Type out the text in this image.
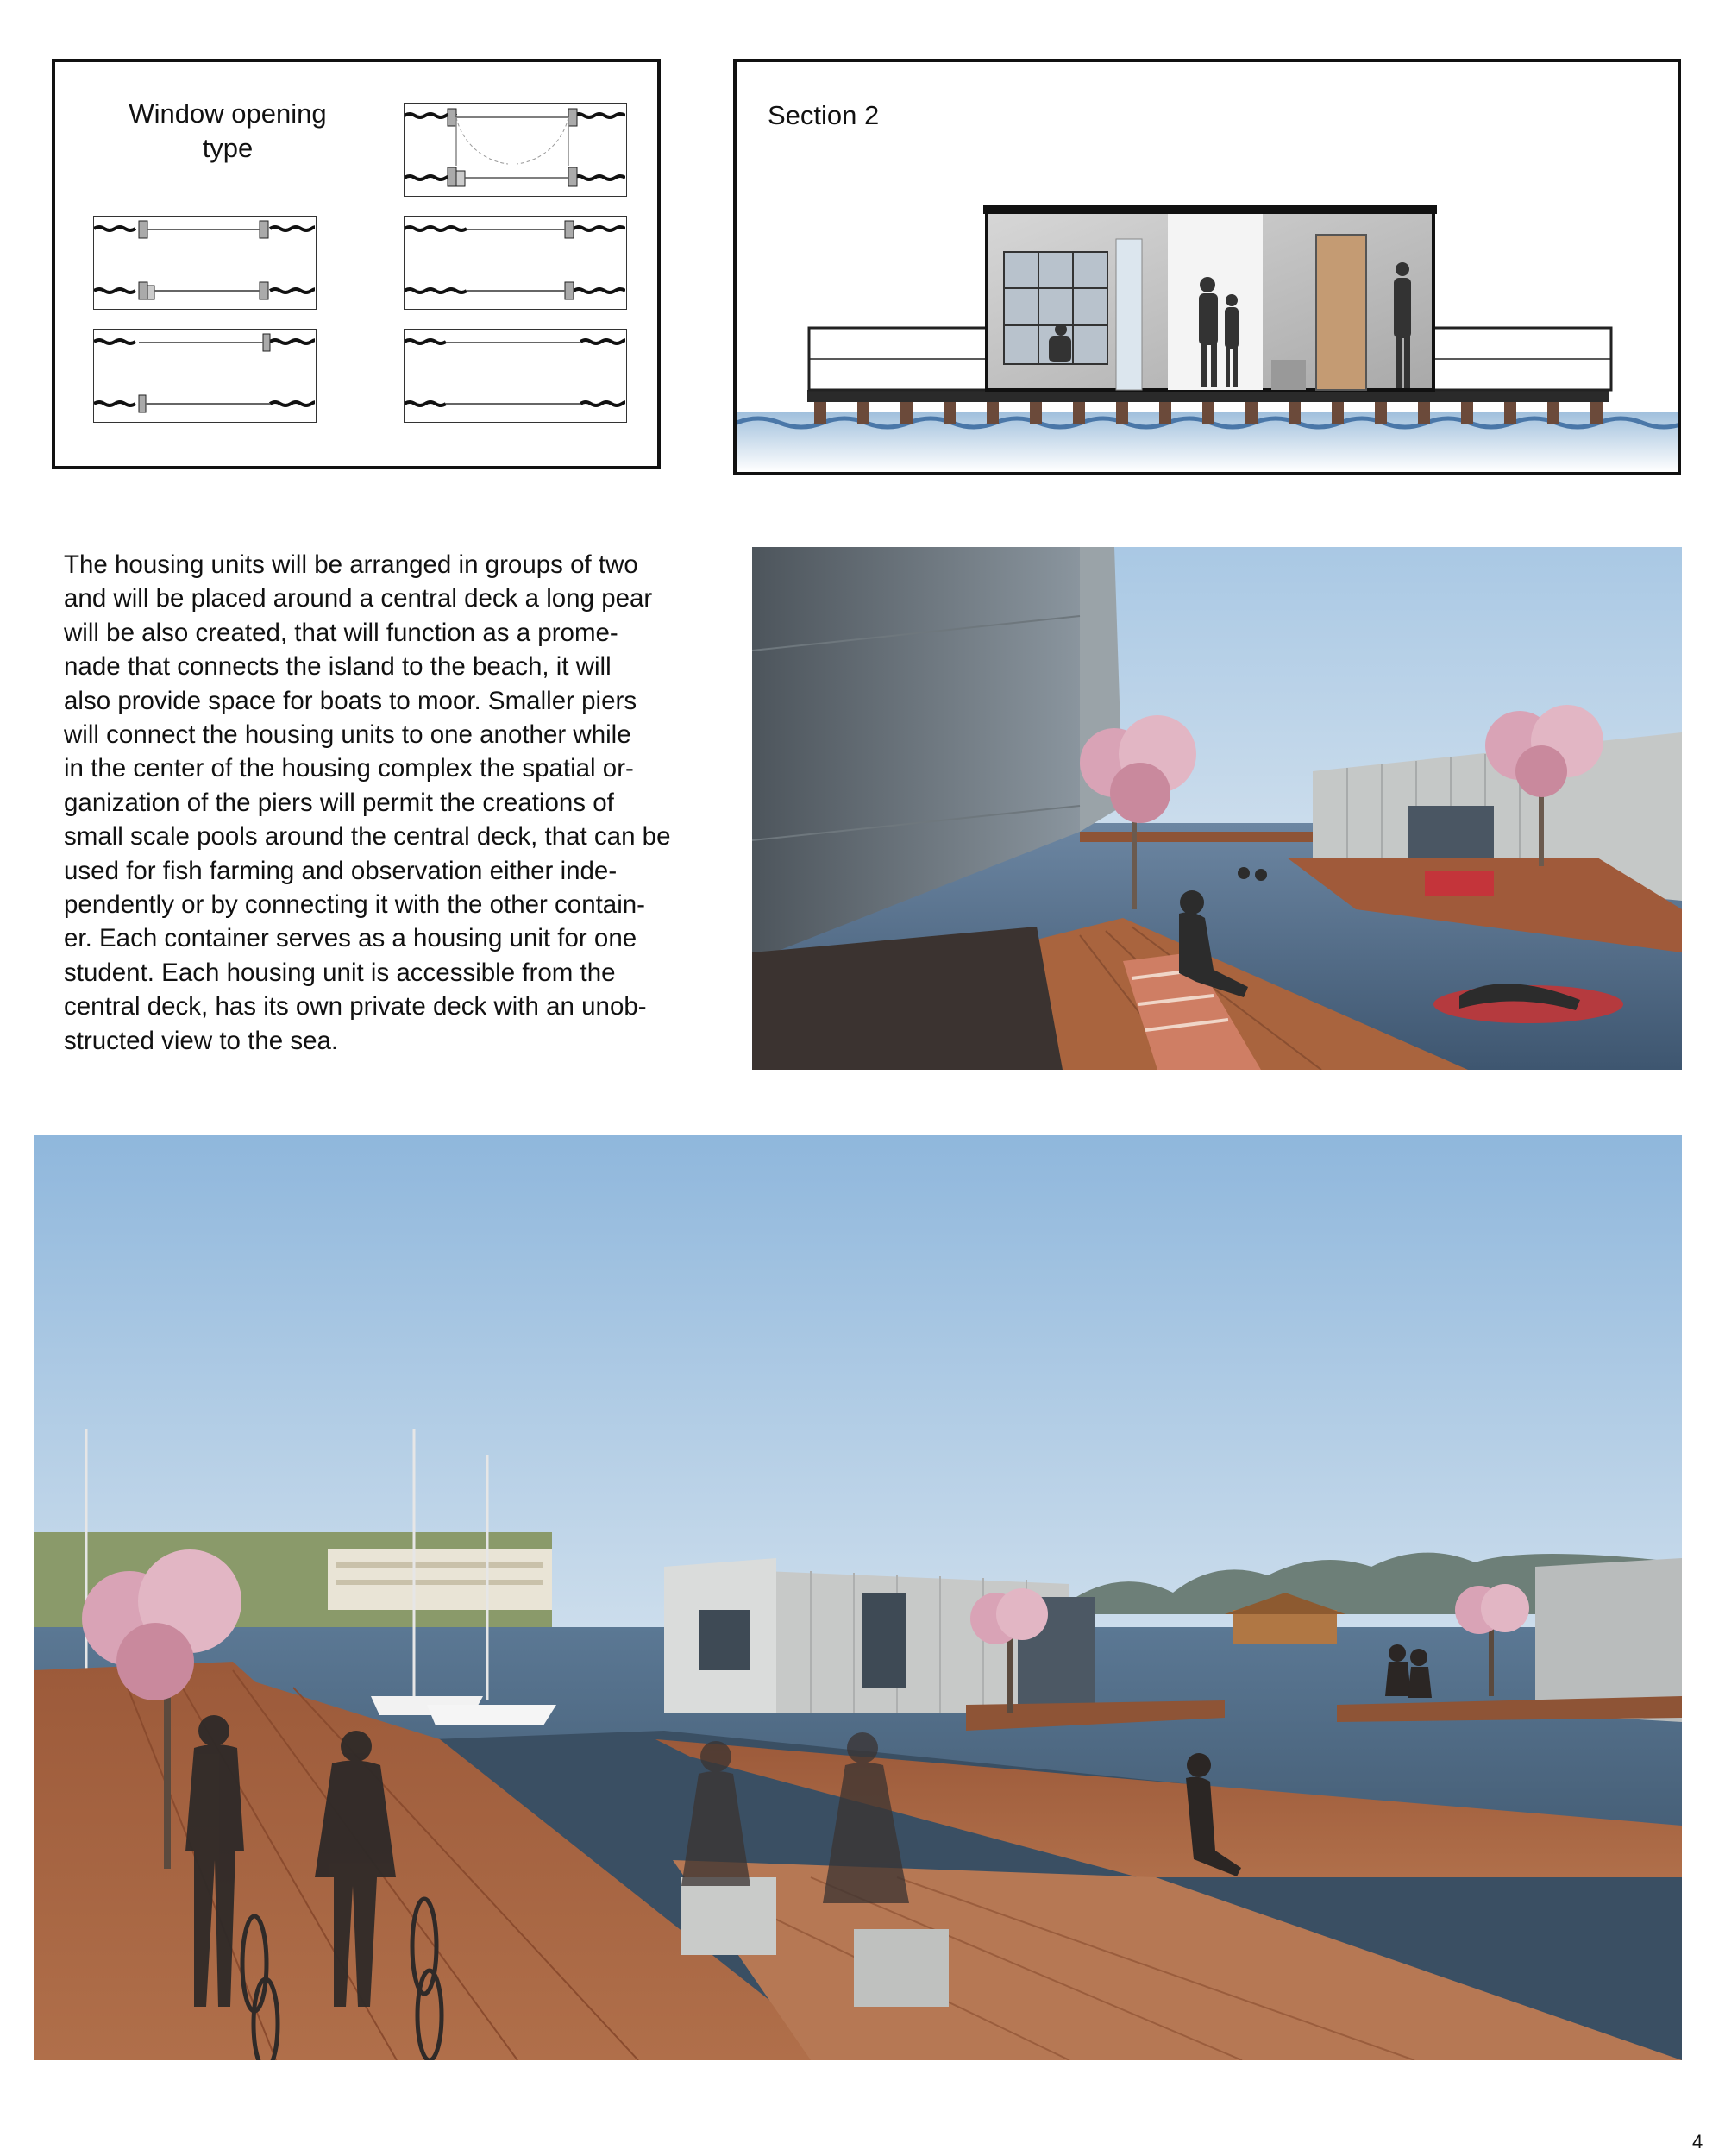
Window opening
type
Section 2
The housing units will be arranged in groups of two
and will be placed around a central deck a long pear
will be also created, that will function as a prome-
nade that connects the island to the beach, it will
also provide space for boats to moor. Smaller piers
will connect the housing units to one another while
in the center of the housing complex the spatial or-
ganization of the piers will permit the creations of
small scale pools around the central deck, that can be
used for fish farming and observation either inde-
pendently or by connecting it with the other contain-
er. Each container serves as a housing unit for one
student. Each housing unit is accessible from the
central deck, has its own private deck with an unob-
structed view to the sea.
4
